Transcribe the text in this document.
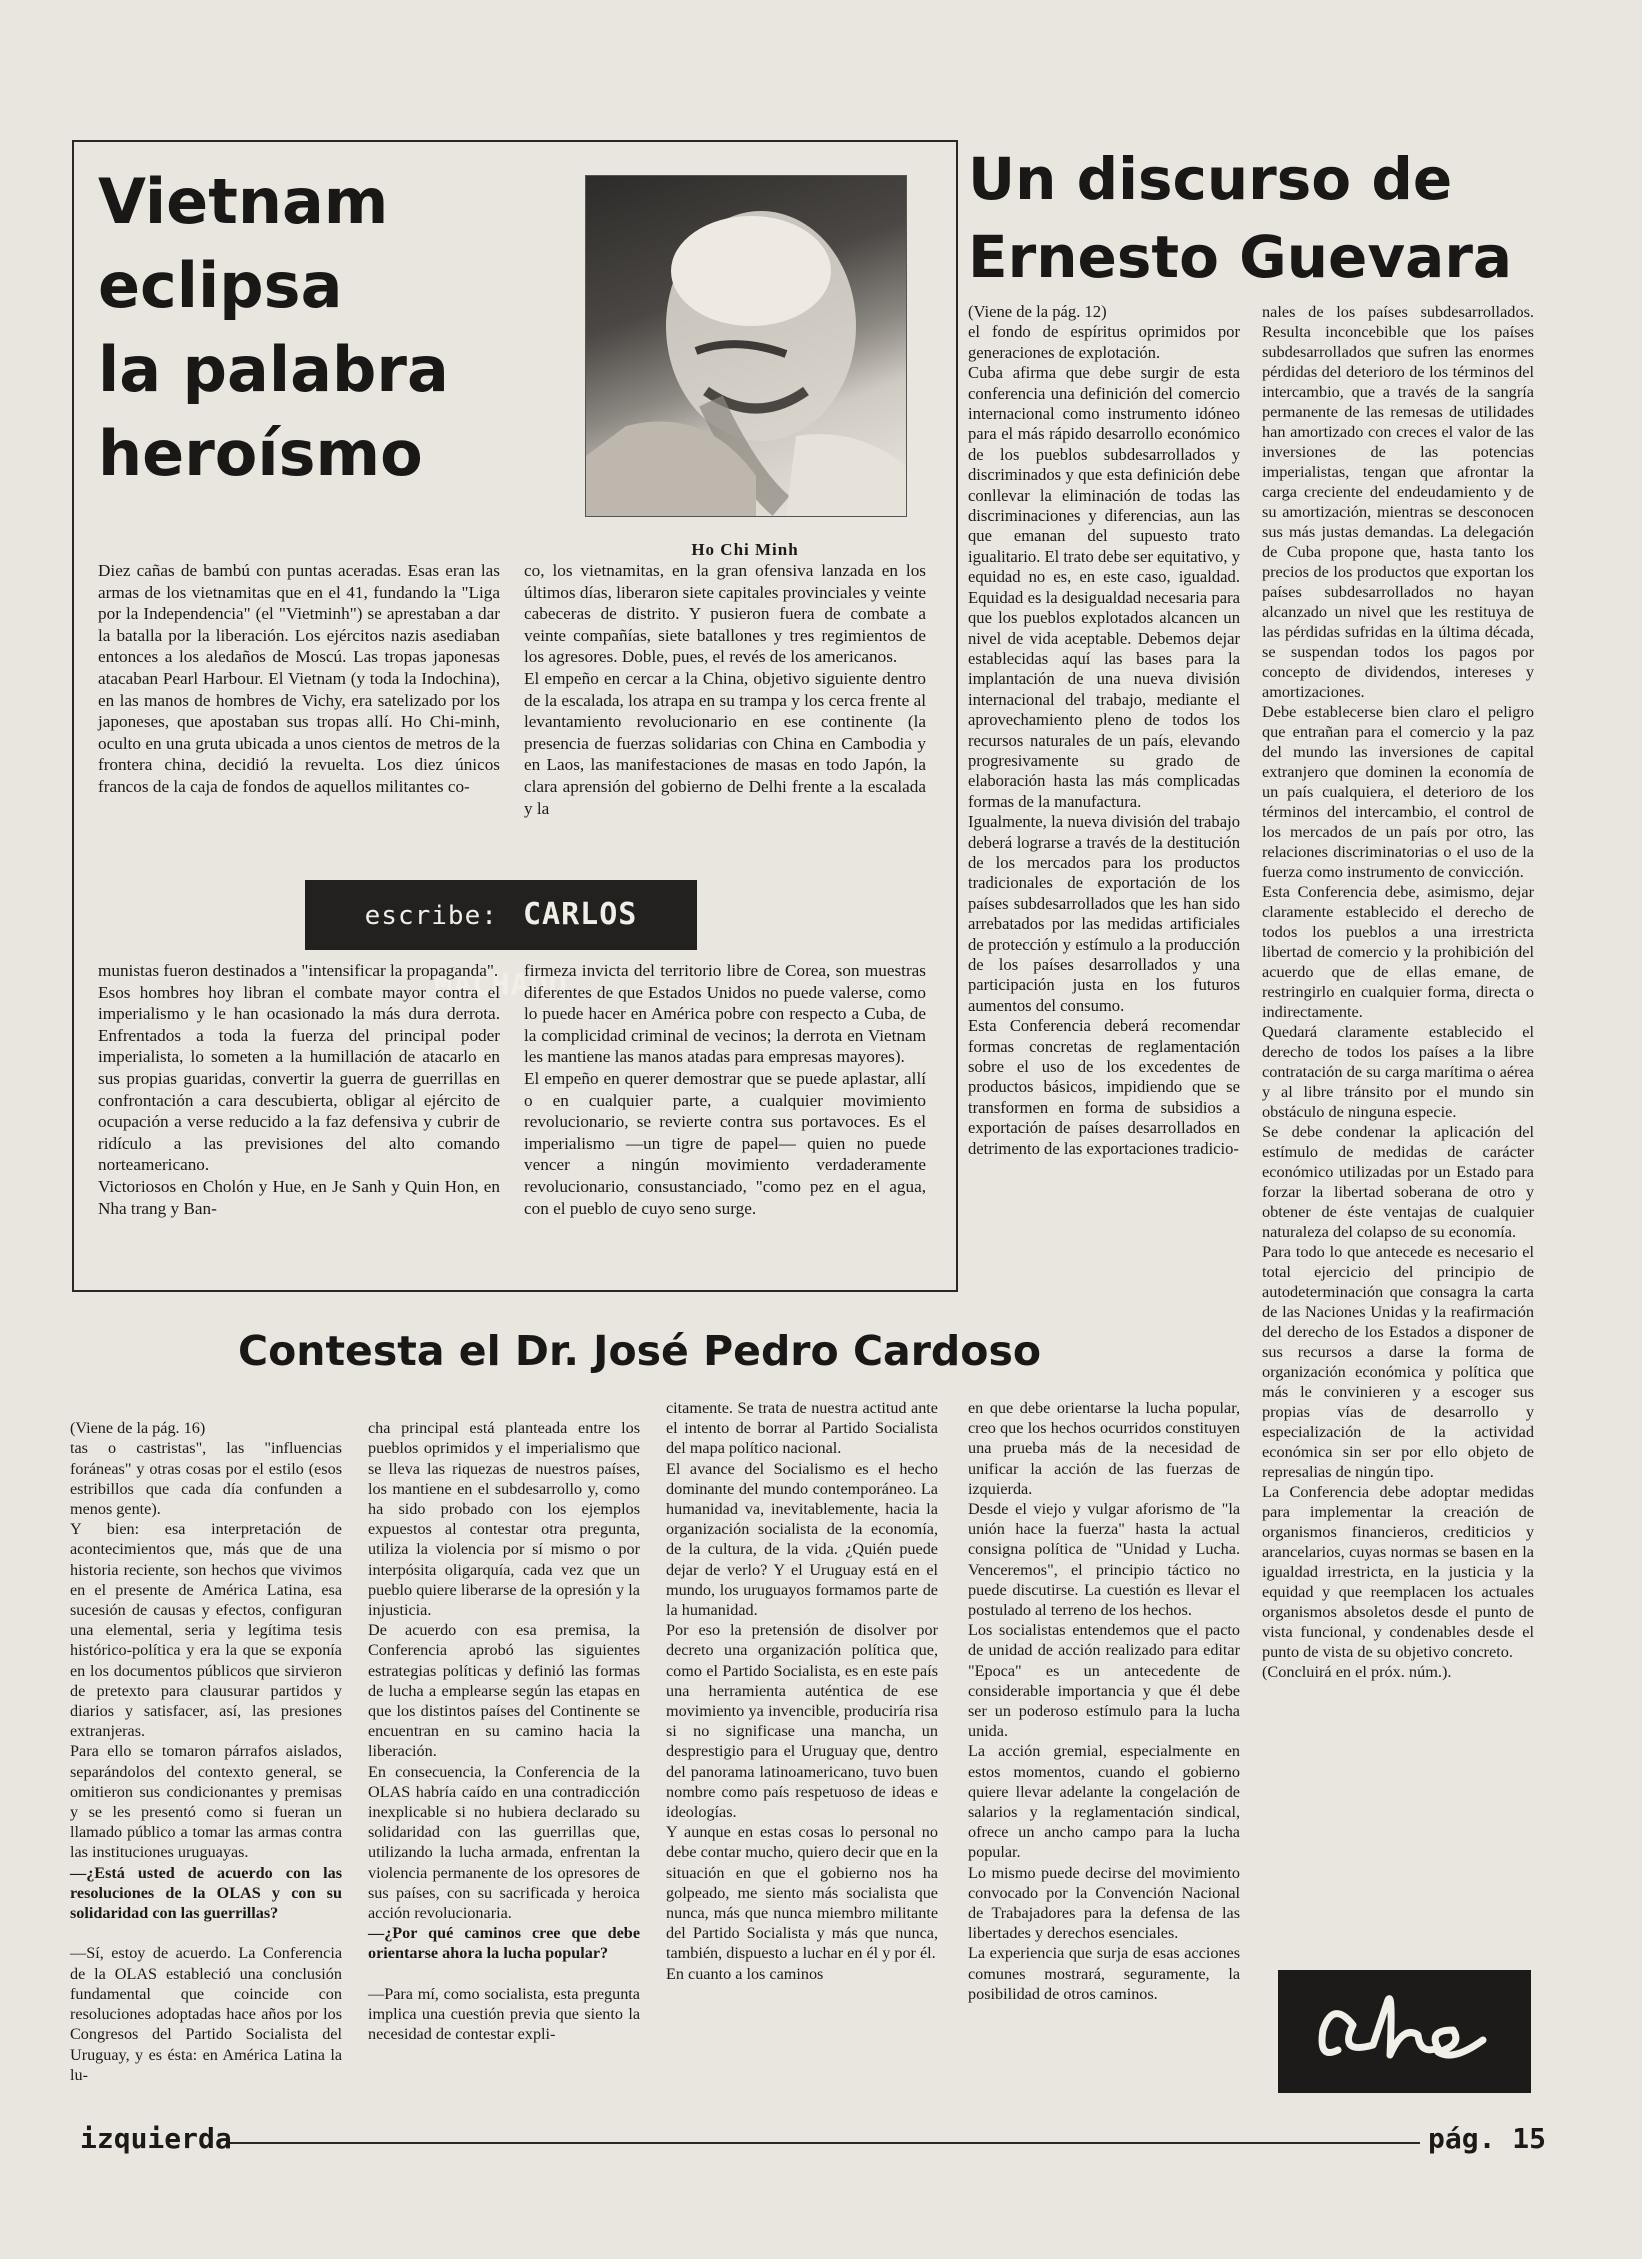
Vietnam
eclipsa
la palabra
heroísmo
Ho Chi Minh
Diez cañas de bambú con puntas aceradas. Esas eran las armas de los vietnamitas que en el 41, fundando la "Liga por la Independencia" (el "Vietminh") se aprestaban a dar la batalla por la liberación. Los ejércitos nazis asediaban entonces a los aledaños de Moscú. Las tropas japonesas atacaban Pearl Harbour. El Vietnam (y toda la Indochina), en las manos de hombres de Vichy, era satelizado por los japoneses, que apostaban sus tropas allí. Ho Chi-minh, oculto en una gruta ubicada a unos cientos de metros de la frontera china, decidió la revuelta. Los diez únicos francos de la caja de fondos de aquellos militantes co-
co, los vietnamitas, en la gran ofensiva lanzada en los últimos días, liberaron siete capitales provinciales y veinte cabeceras de distrito. Y pusieron fuera de combate a veinte compañías, siete batallones y tres regimientos de los agresores. Doble, pues, el revés de los americanos.
El empeño en cercar a la China, objetivo siguiente dentro de la escalada, los atrapa en su trampa y los cerca frente al levantamiento revolucionario en ese continente (la presencia de fuerzas solidarias con China en Cambodia y en Laos, las manifestaciones de masas en todo Japón, la clara aprensión del gobierno de Delhi frente a la escalada y la
escribe: CARLOS MACHADO
munistas fueron destinados a "intensificar la propaganda".
Esos hombres hoy libran el combate mayor contra el imperialismo y le han ocasionado la más dura derrota. Enfrentados a toda la fuerza del principal poder imperialista, lo someten a la humillación de atacarlo en sus propias guaridas, convertir la guerra de guerrillas en confrontación a cara descubierta, obligar al ejército de ocupación a verse reducido a la faz defensiva y cubrir de ridículo a las previsiones del alto comando norteamericano.
Victoriosos en Cholón y Hue, en Je Sanh y Quin Hon, en Nha trang y Ban-
firmeza invicta del territorio libre de Corea, son muestras diferentes de que Estados Unidos no puede valerse, como lo puede hacer en América pobre con respecto a Cuba, de la complicidad criminal de vecinos; la derrota en Vietnam les mantiene las manos atadas para empresas mayores).
El empeño en querer demostrar que se puede aplastar, allí o en cualquier parte, a cualquier movimiento revolucionario, se revierte contra sus portavoces. Es el imperialismo —un tigre de papel— quien no puede vencer a ningún movimiento verdaderamente revolucionario, consustanciado, "como pez en el agua, con el pueblo de cuyo seno surge.
Un discurso de
Ernesto Guevara
(Viene de la pág. 12)
el fondo de espíritus oprimidos por generaciones de explotación.
Cuba afirma que debe surgir de esta conferencia una definición del comercio internacional como instrumento idóneo para el más rápido desarrollo económico de los pueblos subdesarrollados y discriminados y que esta definición debe conllevar la eliminación de todas las discriminaciones y diferencias, aun las que emanan del supuesto trato igualitario. El trato debe ser equitativo, y equidad no es, en este caso, igualdad. Equidad es la desigualdad necesaria para que los pueblos explotados alcancen un nivel de vida aceptable. Debemos dejar establecidas aquí las bases para la implantación de una nueva división internacional del trabajo, mediante el aprovechamiento pleno de todos los recursos naturales de un país, elevando progresivamente su grado de elaboración hasta las más complicadas formas de la manufactura.
Igualmente, la nueva división del trabajo deberá lograrse a través de la destitución de los mercados para los productos tradicionales de exportación de los países subdesarrollados que les han sido arrebatados por las medidas artificiales de protección y estímulo a la producción de los países desarrollados y una participación justa en los futuros aumentos del consumo.
Esta Conferencia deberá recomendar formas concretas de reglamentación sobre el uso de los excedentes de productos básicos, impidiendo que se transformen en forma de subsidios a exportación de países desarrollados en detrimento de las exportaciones tradicio-
nales de los países subdesarrollados. Resulta inconcebible que los países subdesarrollados que sufren las enormes pérdidas del deterioro de los términos del intercambio, que a través de la sangría permanente de las remesas de utilidades han amortizado con creces el valor de las inversiones de las potencias imperialistas, tengan que afrontar la carga creciente del endeudamiento y de su amortización, mientras se desconocen sus más justas demandas. La delegación de Cuba propone que, hasta tanto los precios de los productos que exportan los países subdesarrollados no hayan alcanzado un nivel que les restituya de las pérdidas sufridas en la última década, se suspendan todos los pagos por concepto de dividendos, intereses y amortizaciones.
Debe establecerse bien claro el peligro que entrañan para el comercio y la paz del mundo las inversiones de capital extranjero que dominen la economía de un país cualquiera, el deterioro de los términos del intercambio, el control de los mercados de un país por otro, las relaciones discriminatorias o el uso de la fuerza como instrumento de convicción.
Esta Conferencia debe, asimismo, dejar claramente establecido el derecho de todos los pueblos a una irrestricta libertad de comercio y la prohibición del acuerdo que de ellas emane, de restringirlo en cualquier forma, directa o indirectamente.
Quedará claramente establecido el derecho de todos los países a la libre contratación de su carga marítima o aérea y al libre tránsito por el mundo sin obstáculo de ninguna especie.
Se debe condenar la aplicación del estímulo de medidas de carácter económico utilizadas por un Estado para forzar la libertad soberana de otro y obtener de éste ventajas de cualquier naturaleza del colapso de su economía.
Para todo lo que antecede es necesario el total ejercicio del principio de autodeterminación que consagra la carta de las Naciones Unidas y la reafirmación del derecho de los Estados a disponer de sus recursos a darse la forma de organización económica y política que más le convinieren y a escoger sus propias vías de desarrollo y especialización de la actividad económica sin ser por ello objeto de represalias de ningún tipo.
La Conferencia debe adoptar medidas para implementar la creación de organismos financieros, crediticios y arancelarios, cuyas normas se basen en la igualdad irrestricta, en la justicia y la equidad y que reemplacen los actuales organismos absoletos desde el punto de vista funcional, y condenables desde el punto de vista de su objetivo concreto.
(Concluirá en el próx. núm.).
Contesta el Dr. José Pedro Cardoso

(Viene de la pág. 16)
tas o castristas", las "influencias foráneas" y otras cosas por el estilo (esos estribillos que cada día confunden a menos gente).
Y bien: esa interpretación de acontecimientos que, más que de una historia reciente, son hechos que vivimos en el presente de América Latina, esa sucesión de causas y efectos, configuran una elemental, seria y legítima tesis histórico-política y era la que se exponía en los documentos públicos que sirvieron de pretexto para clausurar partidos y diarios y satisfacer, así, las presiones extranjeras.
Para ello se tomaron párrafos aislados, separándolos del contexto general, se omitieron sus condicionantes y premisas y se les presentó como si fueran un llamado público a tomar las armas contra las instituciones uruguayas.

—¿Está usted de acuerdo con las resoluciones de la OLAS y con su solidaridad con las guerrillas?

—Sí, estoy de acuerdo. La Conferencia de la OLAS estableció una conclusión fundamental que coincide con resoluciones adoptadas hace años por los Congresos del Partido Socialista del Uruguay, y es ésta: en América Latina la lu-

cha principal está planteada entre los pueblos oprimidos y el imperialismo que se lleva las riquezas de nuestros países, los mantiene en el subdesarrollo y, como ha sido probado con los ejemplos expuestos al contestar otra pregunta, utiliza la violencia por sí mismo o por interpósita oligarquía, cada vez que un pueblo quiere liberarse de la opresión y la injusticia.
De acuerdo con esa premisa, la Conferencia aprobó las siguientes estrategias políticas y definió las formas de lucha a emplearse según las etapas en que los distintos países del Continente se encuentran en su camino hacia la liberación.
En consecuencia, la Conferencia de la OLAS habría caído en una contradicción inexplicable si no hubiera declarado su solidaridad con las guerrillas que, utilizando la lucha armada, enfrentan la violencia permanente de los opresores de sus países, con su sacrificada y heroica acción revolucionaria.

—¿Por qué caminos cree que debe orientarse ahora la lucha popular?

—Para mí, como socialista, esta pregunta implica una cuestión previa que siento la necesidad de contestar expli-

citamente. Se trata de nuestra actitud ante el intento de borrar al Partido Socialista del mapa político nacional.
El avance del Socialismo es el hecho dominante del mundo contemporáneo. La humanidad va, inevitablemente, hacia la organización socialista de la economía, de la cultura, de la vida. ¿Quién puede dejar de verlo? Y el Uruguay está en el mundo, los uruguayos formamos parte de la humanidad.
Por eso la pretensión de disolver por decreto una organización política que, como el Partido Socialista, es en este país una herramienta auténtica de ese movimiento ya invencible, produciría risa si no significase una mancha, un desprestigio para el Uruguay que, dentro del panorama latinoamericano, tuvo buen nombre como país respetuoso de ideas e ideologías.
Y aunque en estas cosas lo personal no debe contar mucho, quiero decir que en la situación en que el gobierno nos ha golpeado, me siento más socialista que nunca, más que nunca miembro militante del Partido Socialista y más que nunca, también, dispuesto a luchar en él y por él.
En cuanto a los caminos
en que debe orientarse la lucha popular, creo que los hechos ocurridos constituyen una prueba más de la necesidad de unificar la acción de las fuerzas de izquierda.
Desde el viejo y vulgar aforismo de "la unión hace la fuerza" hasta la actual consigna política de "Unidad y Lucha. Venceremos", el principio táctico no puede discutirse. La cuestión es llevar el postulado al terreno de los hechos.
Los socialistas entendemos que el pacto de unidad de acción realizado para editar "Epoca" es un antecedente de considerable importancia y que él debe ser un poderoso estímulo para la lucha unida.
La acción gremial, especialmente en estos momentos, cuando el gobierno quiere llevar adelante la congelación de salarios y la reglamentación sindical, ofrece un ancho campo para la lucha popular.
Lo mismo puede decirse del movimiento convocado por la Convención Nacional de Trabajadores para la defensa de las libertades y derechos esenciales.
La experiencia que surja de esas acciones comunes mostrará, seguramente, la posibilidad de otros caminos.
izquierda	pág. 15
